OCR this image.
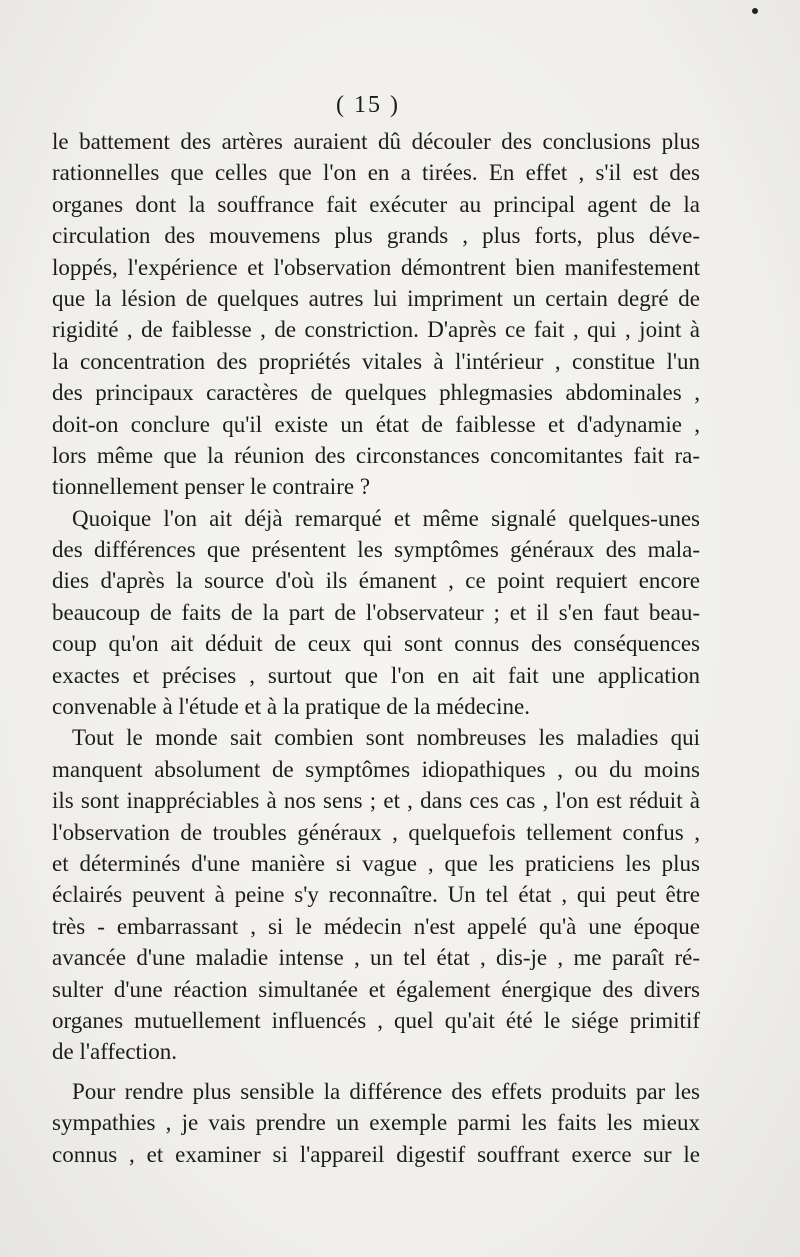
( 15 )
le battement des artères auraient dû découler des conclusions plus
rationnelles que celles que l'on en a tirées. En effet , s'il est des
organes dont la souffrance fait exécuter au principal agent de la
circulation des mouvemens plus grands , plus forts, plus déve-
loppés, l'expérience et l'observation démontrent bien manifestement
que la lésion de quelques autres lui impriment un certain degré de
rigidité , de faiblesse , de constriction. D'après ce fait , qui , joint à
la concentration des propriétés vitales à l'intérieur , constitue l'un
des principaux caractères de quelques phlegmasies abdominales ,
doit-on conclure qu'il existe un état de faiblesse et d'adynamie ,
lors même que la réunion des circonstances concomitantes fait ra-
tionnellement penser le contraire ?
Quoique l'on ait déjà remarqué et même signalé quelques-unes
des différences que présentent les symptômes généraux des mala-
dies d'après la source d'où ils émanent , ce point requiert encore
beaucoup de faits de la part de l'observateur ; et il s'en faut beau-
coup qu'on ait déduit de ceux qui sont connus des conséquences
exactes et précises , surtout que l'on en ait fait une application
convenable à l'étude et à la pratique de la médecine.
Tout le monde sait combien sont nombreuses les maladies qui
manquent absolument de symptômes idiopathiques , ou du moins
ils sont inappréciables à nos sens ; et , dans ces cas , l'on est réduit à
l'observation de troubles généraux , quelquefois tellement confus ,
et déterminés d'une manière si vague , que les praticiens les plus
éclairés peuvent à peine s'y reconnaître. Un tel état , qui peut être
très - embarrassant , si le médecin n'est appelé qu'à une époque
avancée d'une maladie intense , un tel état , dis-je , me paraît ré-
sulter d'une réaction simultanée et également énergique des divers
organes mutuellement influencés , quel qu'ait été le siége primitif
de l'affection.
Pour rendre plus sensible la différence des effets produits par les
sympathies , je vais prendre un exemple parmi les faits les mieux
connus , et examiner si l'appareil digestif souffrant exerce sur le
